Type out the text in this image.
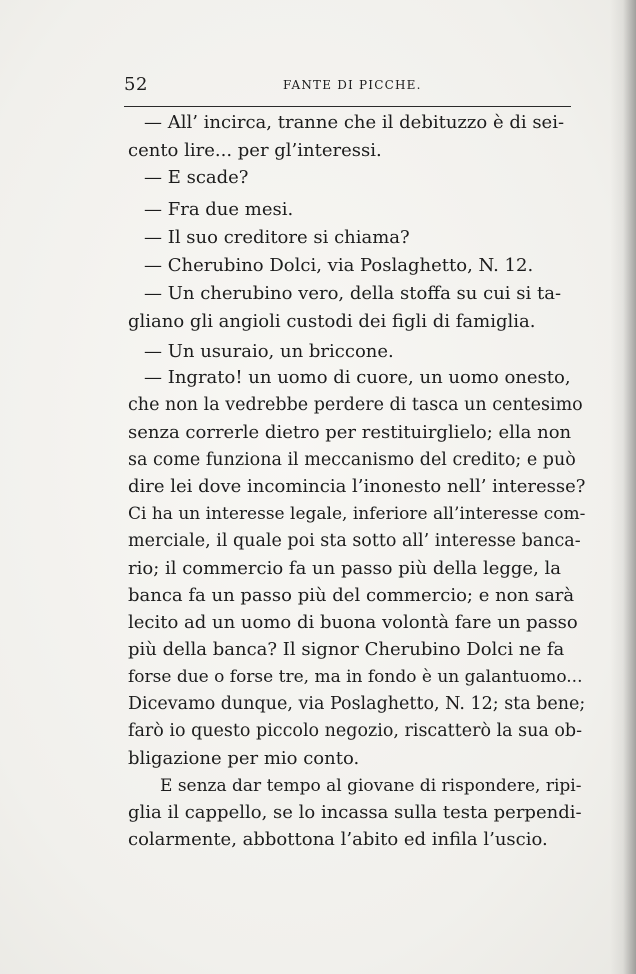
52	FANTE DI PICCHE.
— All’ incirca, tranne che il debituzzo è di sei-
cento lire... per gl’interessi.
— E scade?
— Fra due mesi.
— Il suo creditore si chiama?
— Cherubino Dolci, via Poslaghetto, N. 12.
— Un cherubino vero, della stoffa su cui si ta-
gliano gli angioli custodi dei figli di famiglia.
— Un usuraio, un briccone.
— Ingrato! un uomo di cuore, un uomo onesto,
che non la vedrebbe perdere di tasca un centesimo
senza correrle dietro per restituirglielo; ella non
sa come funziona il meccanismo del credito; e può
dire lei dove incomincia l’inonesto nell’ interesse?
Ci ha un interesse legale, inferiore all’interesse com-
merciale, il quale poi sta sotto all’ interesse banca-
rio; il commercio fa un passo più della legge, la
banca fa un passo più del commercio; e non sarà
lecito ad un uomo di buona volontà fare un passo
più della banca? Il signor Cherubino Dolci ne fa
forse due o forse tre, ma in fondo è un galantuomo...
Dicevamo dunque, via Poslaghetto, N. 12; sta bene;
farò io questo piccolo negozio, riscatterò la sua ob-
bligazione per mio conto.
E senza dar tempo al giovane di rispondere, ripi-
glia il cappello, se lo incassa sulla testa perpendi-
colarmente, abbottona l’abito ed infila l’uscio.
